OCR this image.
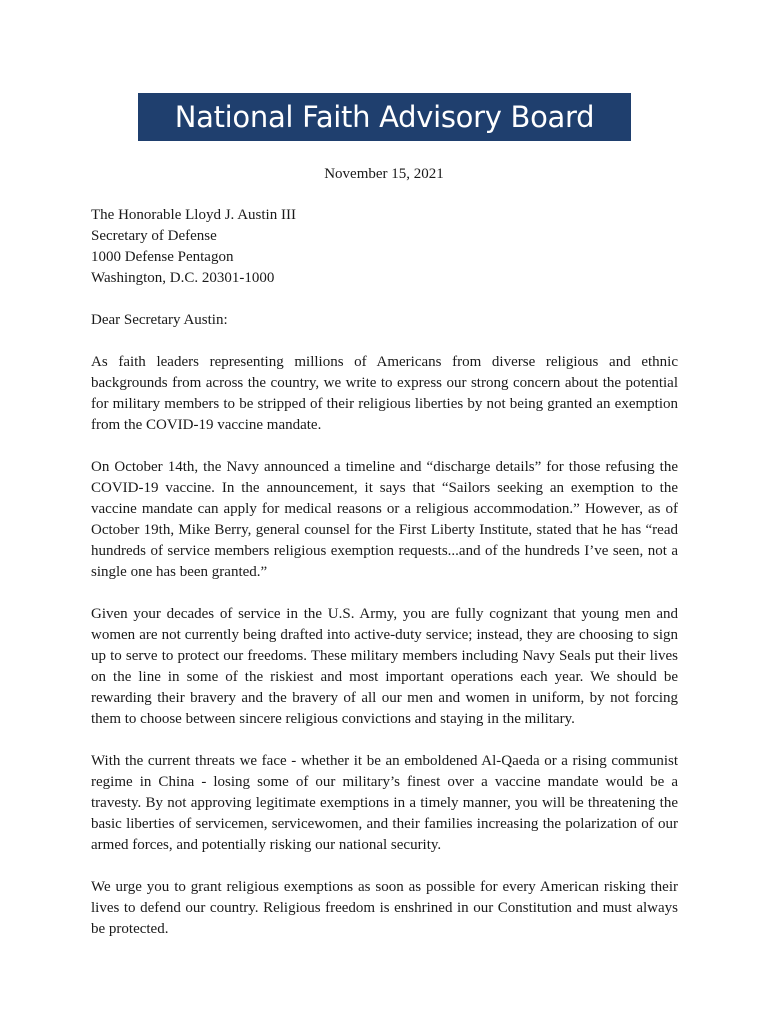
National Faith Advisory Board
November 15, 2021
The Honorable Lloyd J. Austin III
Secretary of Defense
1000 Defense Pentagon
Washington, D.C. 20301-1000
Dear Secretary Austin:

As faith leaders representing millions of Americans from diverse religious and ethnic backgrounds from across the country, we write to express our strong concern about the potential for military members to be stripped of their religious liberties by not being granted an exemption from the COVID-19 vaccine mandate.

On October 14th, the Navy announced a timeline and “discharge details” for those refusing the COVID-19 vaccine. In the announcement, it says that “Sailors seeking an exemption to the vaccine mandate can apply for medical reasons or a religious accommodation.” However, as of October 19th, Mike Berry, general counsel for the First Liberty Institute, stated that he has “read hundreds of service members religious exemption requests...and of the hundreds I’ve seen, not a single one has been granted.”

Given your decades of service in the U.S. Army, you are fully cognizant that young men and women are not currently being drafted into active-duty service; instead, they are choosing to sign up to serve to protect our freedoms. These military members including Navy Seals put their lives on the line in some of the riskiest and most important operations each year. We should be rewarding their bravery and the bravery of all our men and women in uniform, by not forcing them to choose between sincere religious convictions and staying in the military.

With the current threats we face - whether it be an emboldened Al-Qaeda or a rising communist regime in China - losing some of our military’s finest over a vaccine mandate would be a travesty. By not approving legitimate exemptions in a timely manner, you will be threatening the basic liberties of servicemen, servicewomen, and their families increasing the polarization of our armed forces, and potentially risking our national security.

We urge you to grant religious exemptions as soon as possible for every American risking their lives to defend our country. Religious freedom is enshrined in our Constitution and must always be protected.
